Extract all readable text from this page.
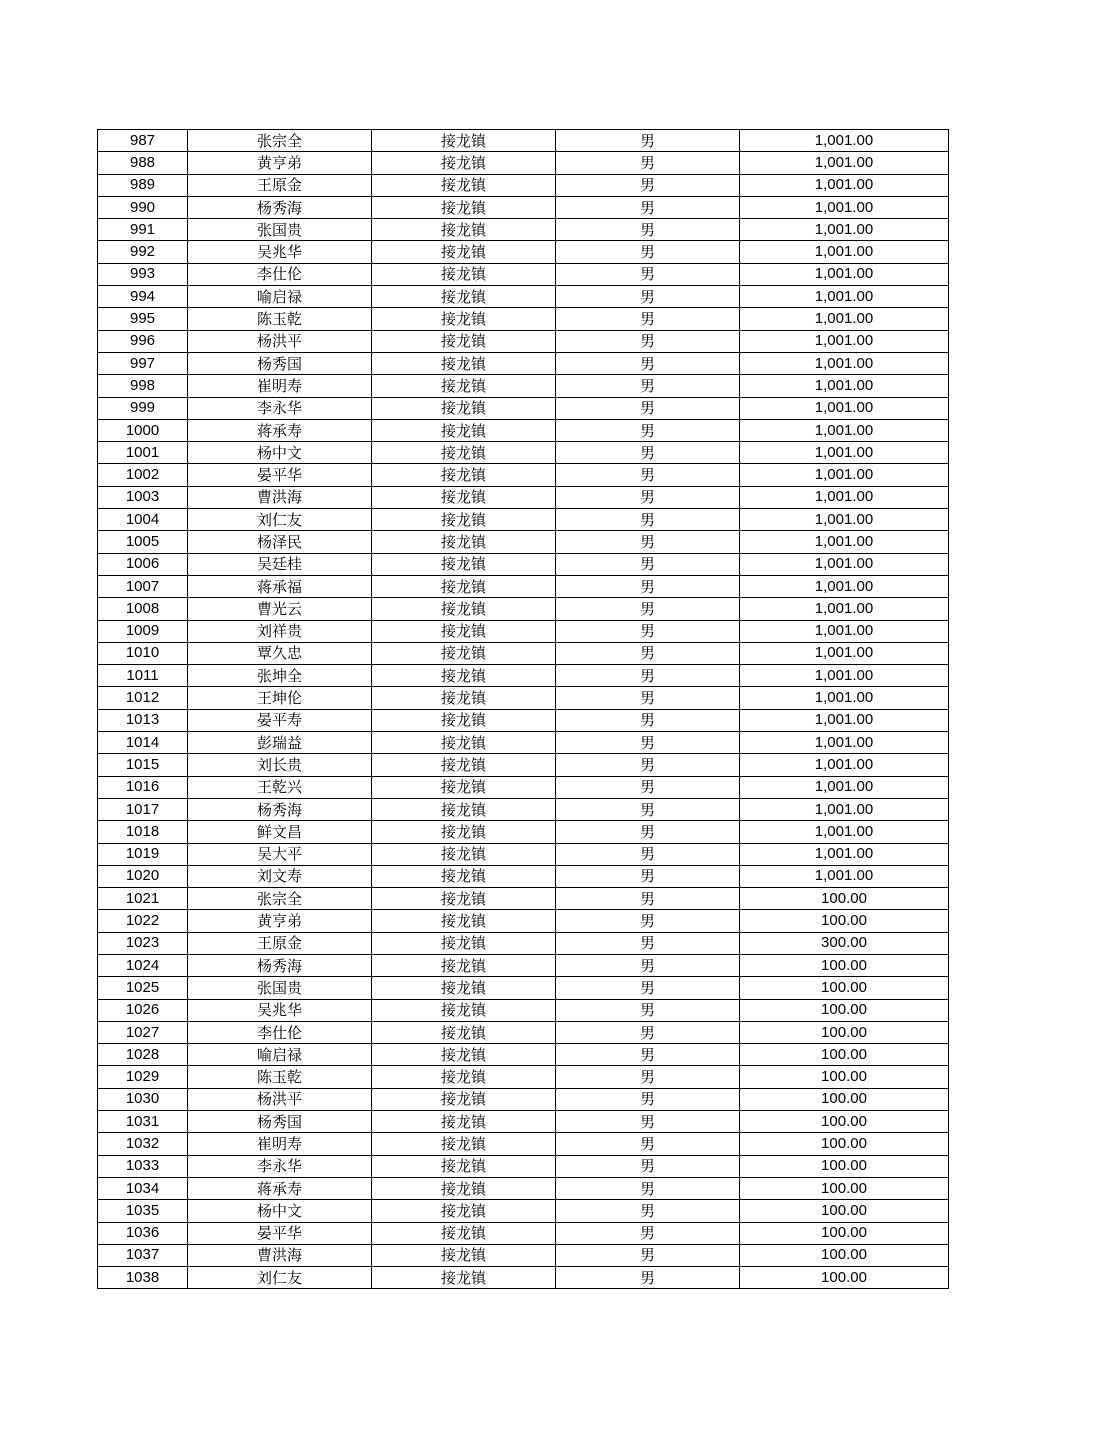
987	张宗全	接龙镇	男	1,001.00
988	黄亨弟	接龙镇	男	1,001.00
989	王原金	接龙镇	男	1,001.00
990	杨秀海	接龙镇	男	1,001.00
991	张国贵	接龙镇	男	1,001.00
992	吴兆华	接龙镇	男	1,001.00
993	李仕伦	接龙镇	男	1,001.00
994	喻启禄	接龙镇	男	1,001.00
995	陈玉乾	接龙镇	男	1,001.00
996	杨洪平	接龙镇	男	1,001.00
997	杨秀国	接龙镇	男	1,001.00
998	崔明寿	接龙镇	男	1,001.00
999	李永华	接龙镇	男	1,001.00
1000	蒋承寿	接龙镇	男	1,001.00
1001	杨中文	接龙镇	男	1,001.00
1002	晏平华	接龙镇	男	1,001.00
1003	曹洪海	接龙镇	男	1,001.00
1004	刘仁友	接龙镇	男	1,001.00
1005	杨泽民	接龙镇	男	1,001.00
1006	吴廷桂	接龙镇	男	1,001.00
1007	蒋承福	接龙镇	男	1,001.00
1008	曹光云	接龙镇	男	1,001.00
1009	刘祥贵	接龙镇	男	1,001.00
1010	覃久忠	接龙镇	男	1,001.00
1011	张坤全	接龙镇	男	1,001.00
1012	王坤伦	接龙镇	男	1,001.00
1013	晏平寿	接龙镇	男	1,001.00
1014	彭瑞益	接龙镇	男	1,001.00
1015	刘长贵	接龙镇	男	1,001.00
1016	王乾兴	接龙镇	男	1,001.00
1017	杨秀海	接龙镇	男	1,001.00
1018	鲜文昌	接龙镇	男	1,001.00
1019	吴大平	接龙镇	男	1,001.00
1020	刘文寿	接龙镇	男	1,001.00
1021	张宗全	接龙镇	男	100.00
1022	黄亨弟	接龙镇	男	100.00
1023	王原金	接龙镇	男	300.00
1024	杨秀海	接龙镇	男	100.00
1025	张国贵	接龙镇	男	100.00
1026	吴兆华	接龙镇	男	100.00
1027	李仕伦	接龙镇	男	100.00
1028	喻启禄	接龙镇	男	100.00
1029	陈玉乾	接龙镇	男	100.00
1030	杨洪平	接龙镇	男	100.00
1031	杨秀国	接龙镇	男	100.00
1032	崔明寿	接龙镇	男	100.00
1033	李永华	接龙镇	男	100.00
1034	蒋承寿	接龙镇	男	100.00
1035	杨中文	接龙镇	男	100.00
1036	晏平华	接龙镇	男	100.00
1037	曹洪海	接龙镇	男	100.00
1038	刘仁友	接龙镇	男	100.00
